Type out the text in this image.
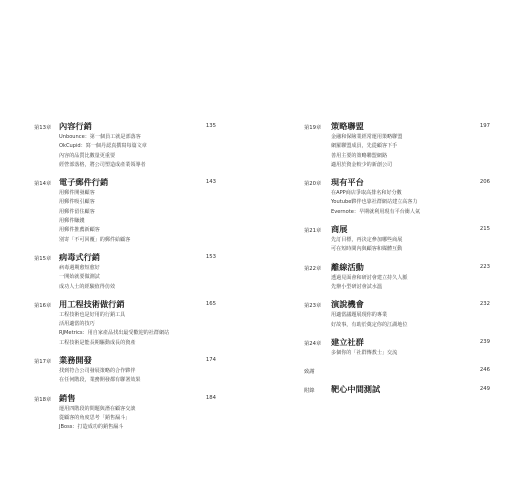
第13章 內容行銷	135
Unbounce：第一個員工就是部落客
OkCupid：寫一個丹認真撰寫每篇文章
內容的品質比數量更重要
經營部落格，將公司塑造成產業領導者
第14章 電子郵件行銷	143
用郵件開發顧客
用郵件吸引顧客
用郵件留住顧客
用郵件賺錢
用郵件推薦新顧客
別寄「不可回覆」的郵件給顧客
第15章 病毒式行銷	153
病毒週期愈短愈好
一開始就要做測試
成功人士的經驗值得仿效
第16章 用工程技術做行銷	165
工程技術也是好用的行銷工具
活用適當的技巧
RJMetrics：用自家產品找出最受歡迎的社群網站
工程技術是能長期驅動成長的資產
第17章 業務開發	174
找到符合公司發展策略的合作夥伴
在任何階段，業務開發都有聯署效果
第18章 銷售	184
運用四階段的問題與潛在顧客交談
從顧客的角度思考「銷售漏斗」
JBoss：打造成功的銷售漏斗
第19章 策略聯盟	197
金融和保險業經常運用策略聯盟
網羅聯盟成員，先從顧客下手
善用主要的策略聯盟網路
適用於資金較少的新創公司
第20章 現有平台	206
在APP商店爭取高排名和好分數
Youtube夥伴也靠社群網站建立高客力
Evernote：早期就利用現有平台衝人氣
第21章 商展	215
先訂目標，再決定參加哪些商展
可在短時間內與顧客和媒體互動
第22章 離線活動	223
透過見面會和研討會建立持久人脈
先辦小型研討會試水溫
第23章 演說機會	232
用適當議題展現你的專業
好故事，有助於奠定你的江湖地位
第24章 建立社群	239
多個你的「社群傳教士」交流
致謝	246
附錄 靶心中間測試	249
